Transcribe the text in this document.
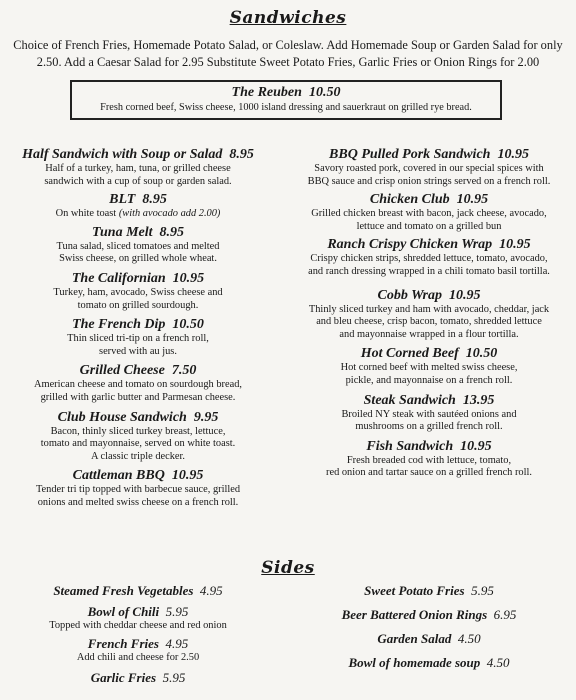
Sandwiches
Choice of French Fries, Homemade Potato Salad, or Coleslaw. Add Homemade Soup or Garden Salad for only 2.50. Add a Caesar Salad for 2.95 Substitute Sweet Potato Fries, Garlic Fries or Onion Rings for 2.00
The Reuben 10.50
Fresh corned beef, Swiss cheese, 1000 island dressing and sauerkraut on grilled rye bread.
Half Sandwich with Soup or Salad 8.95
Half of a turkey, ham, tuna, or grilled cheese
sandwich with a cup of soup or garden salad.
BLT 8.95
On white toast (with avocado add 2.00)
Tuna Melt 8.95
Tuna salad, sliced tomatoes and melted
Swiss cheese, on grilled whole wheat.
The Californian 10.95
Turkey, ham, avocado, Swiss cheese and
tomato on grilled sourdough.
The French Dip 10.50
Thin sliced tri-tip on a french roll,
served with au jus.
Grilled Cheese 7.50
American cheese and tomato on sourdough bread,
grilled with garlic butter and Parmesan cheese.
Club House Sandwich 9.95
Bacon, thinly sliced turkey breast, lettuce,
tomato and mayonnaise, served on white toast.
A classic triple decker.
Cattleman BBQ 10.95
Tender tri tip topped with barbecue sauce, grilled
onions and melted swiss cheese on a french roll.
BBQ Pulled Pork Sandwich 10.95
Savory roasted pork, covered in our special spices with
BBQ sauce and crisp onion strings served on a french roll.
Chicken Club 10.95
Grilled chicken breast with bacon, jack cheese, avocado,
lettuce and tomato on a grilled bun
Ranch Crispy Chicken Wrap 10.95
Crispy chicken strips, shredded lettuce, tomato, avocado,
and ranch dressing wrapped in a chili tomato basil tortilla.
Cobb Wrap 10.95
Thinly sliced turkey and ham with avocado, cheddar, jack
and bleu cheese, crisp bacon, tomato, shredded lettuce
and mayonnaise wrapped in a flour tortilla.
Hot Corned Beef 10.50
Hot corned beef with melted swiss cheese,
pickle, and mayonnaise on a french roll.
Steak Sandwich 13.95
Broiled NY steak with sautéed onions and
mushrooms on a grilled french roll.
Fish Sandwich 10.95
Fresh breaded cod with lettuce, tomato,
red onion and tartar sauce on a grilled french roll.
Sides
Steamed Fresh Vegetables 4.95
Bowl of Chili 5.95
Topped with cheddar cheese and red onion
French Fries 4.95
Add chili and cheese for 2.50
Garlic Fries 5.95
Sweet Potato Fries 5.95
Beer Battered Onion Rings 6.95
Garden Salad 4.50
Bowl of homemade soup 4.50
